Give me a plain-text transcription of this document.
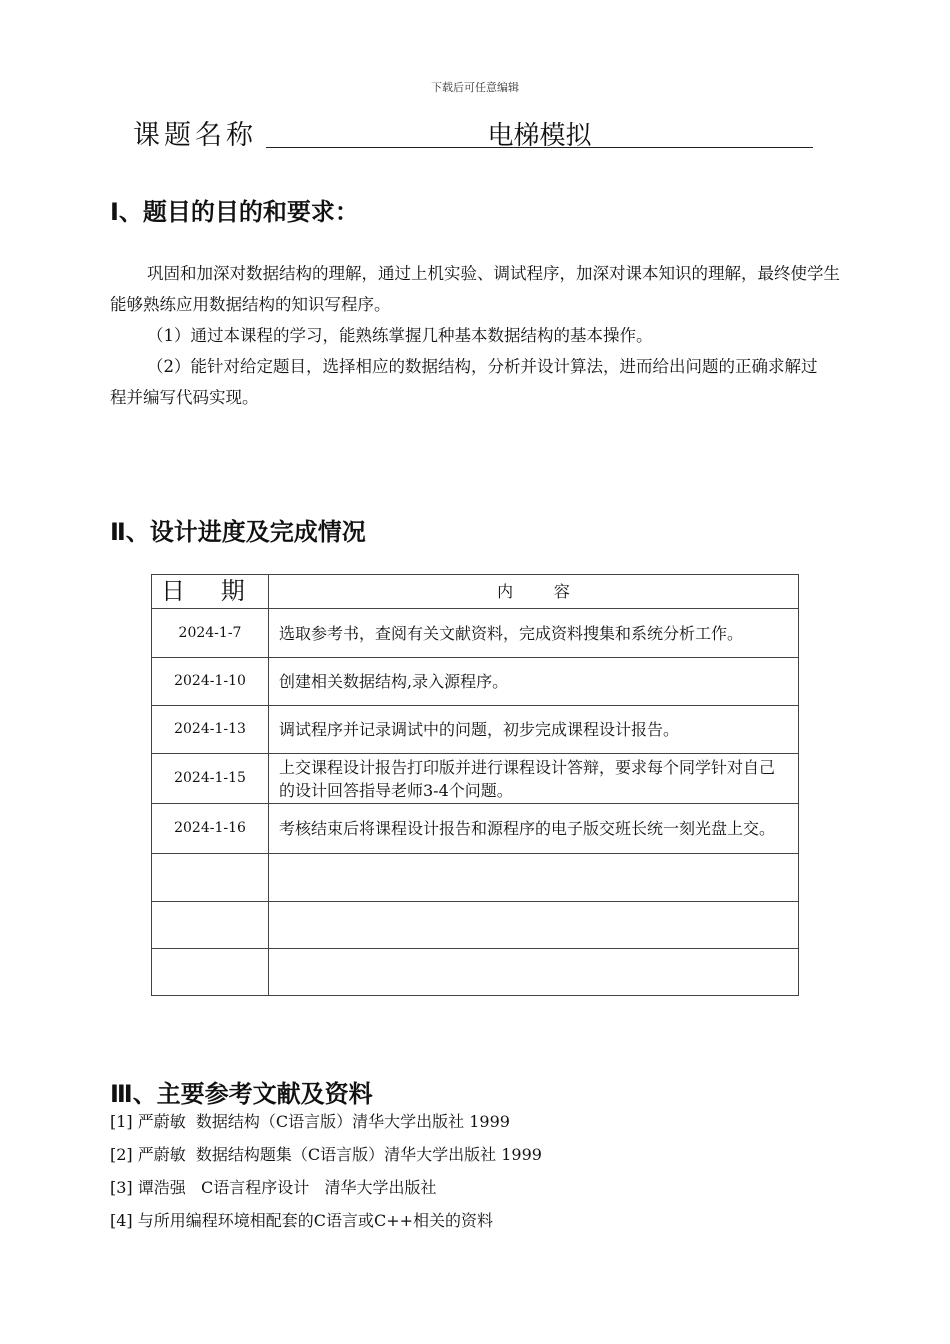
下载后可任意编辑
课题名称	电梯模拟
Ⅰ、题目的目的和要求：

巩固和加深对数据结构的理解，通过上机实验、调试程序，加深对课本知识的理解，最终使学生能够熟练应用数据结构的知识写程序。

（1）通过本课程的学习，能熟练掌握几种基本数据结构的基本操作。

（2）能针对给定题目，选择相应的数据结构，分析并设计算法，进而给出问题的正确求解过程并编写代码实现。

Ⅱ、设计进度及完成情况
日 期	内        容
2024-1-7	选取参考书，查阅有关文献资料，完成资料搜集和系统分析工作。
2024-1-10	创建相关数据结构,录入源程序。
2024-1-13	调试程序并记录调试中的问题，初步完成课程设计报告。
2024-1-15	上交课程设计报告打印版并进行课程设计答辩，要求每个同学针对自己的设计回答指导老师3-4个问题。
2024-1-16	考核结束后将课程设计报告和源程序的电子版交班长统一刻光盘上交。

Ⅲ、主要参考文献及资料
[1] 严蔚敏  数据结构（C语言版）清华大学出版社 1999
[2] 严蔚敏  数据结构题集（C语言版）清华大学出版社 1999
[3] 谭浩强   C语言程序设计   清华大学出版社
[4] 与所用编程环境相配套的C语言或C++相关的资料
